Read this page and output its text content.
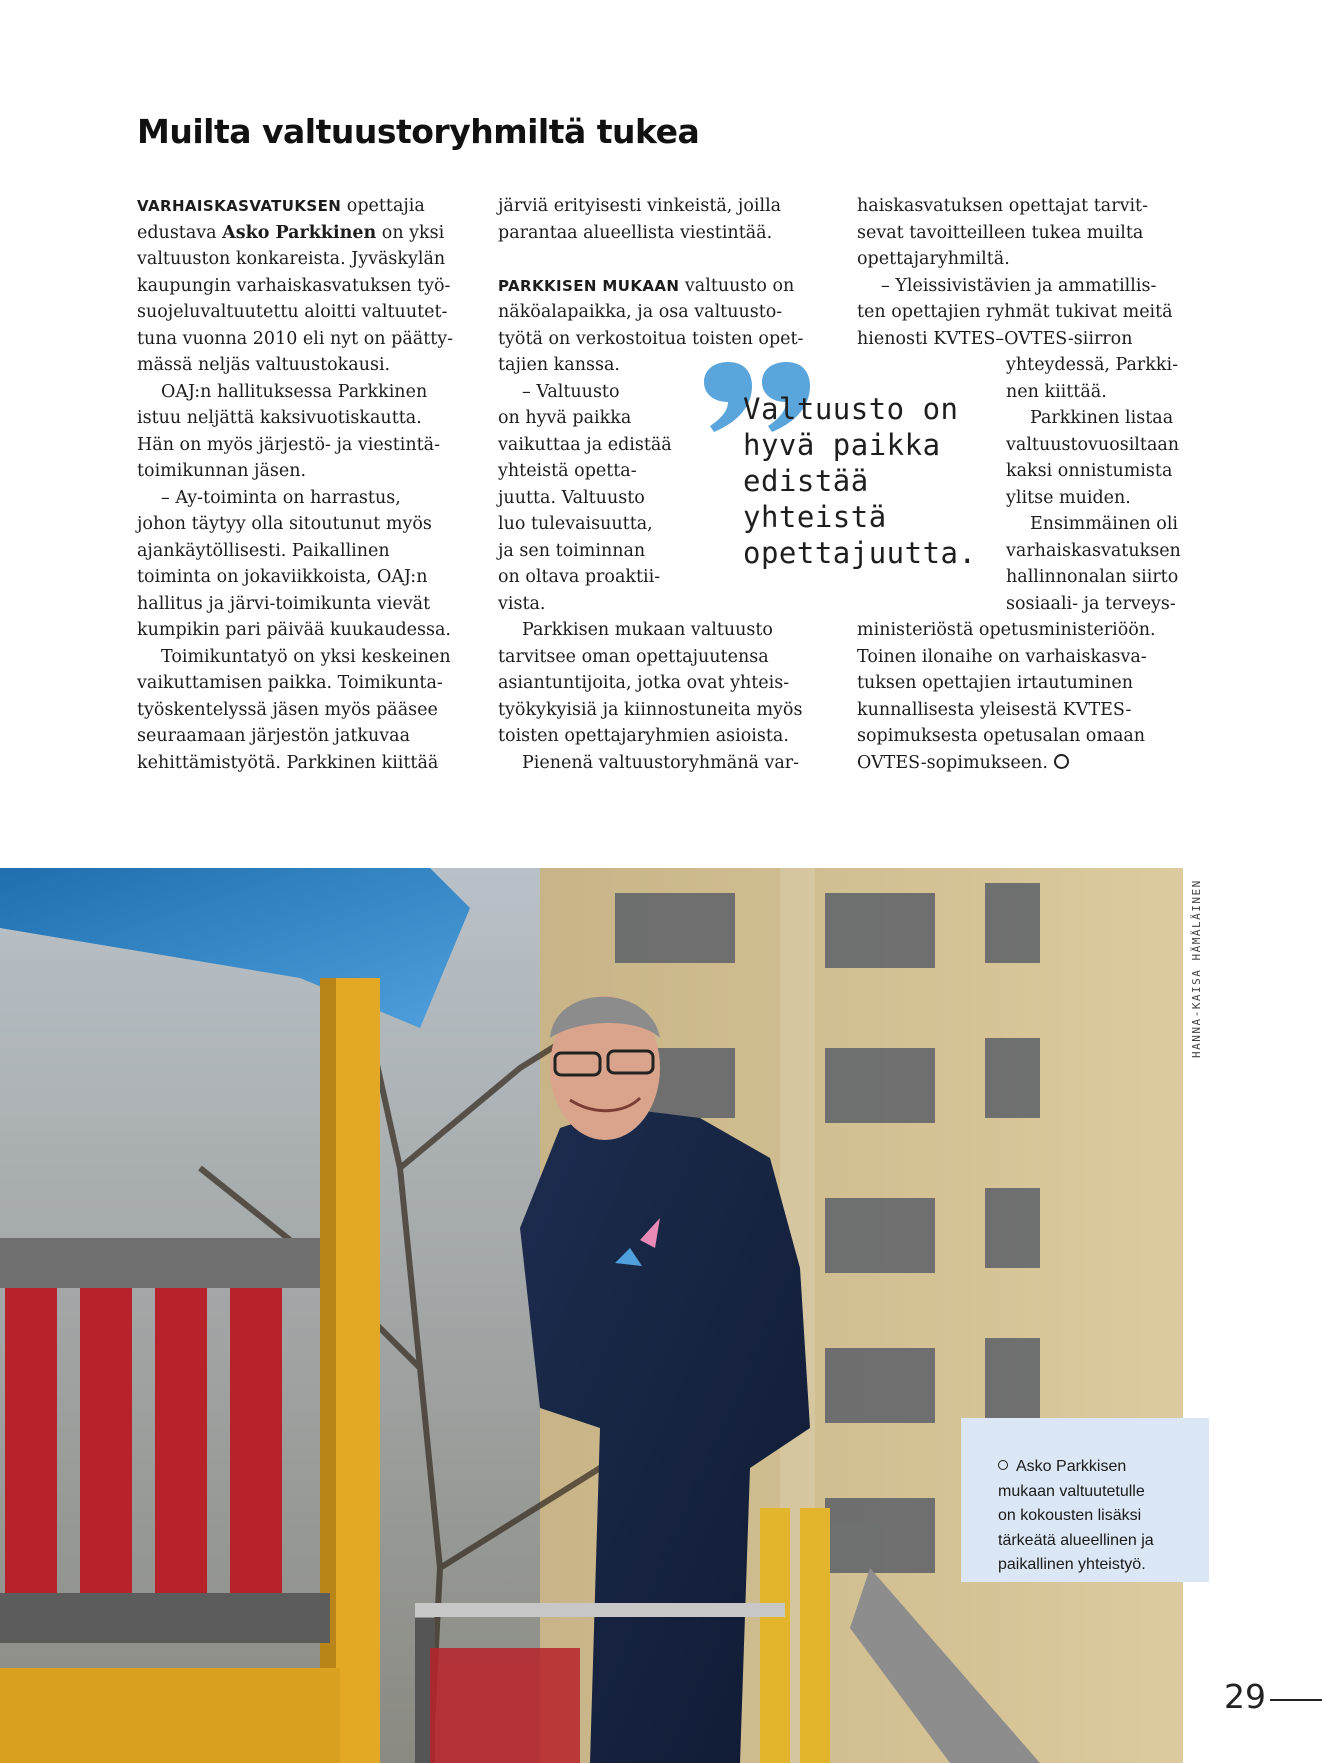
Muilta valtuustoryhmiltä tukea
VARHAISKASVATUKSEN opettajia
edustava Asko Parkkinen on yksi
valtuuston konkareista. Jyväskylän
kaupungin varhaiskasvatuksen työ-
suojeluvaltuutettu aloitti valtuutet-
tuna vuonna 2010 eli nyt on päätty-
mässä neljäs valtuustokausi.
OAJ:n hallituksessa Parkkinen
istuu neljättä kaksivuotiskautta.
Hän on myös järjestö- ja viestintä-
toimikunnan jäsen.
– Ay-toiminta on harrastus,
johon täytyy olla sitoutunut myös
ajankäytöllisesti. Paikallinen
toiminta on jokaviikkoista, OAJ:n
hallitus ja järvi-toimikunta vievät
kumpikin pari päivää kuukaudessa.
Toimikuntatyö on yksi keskeinen
vaikuttamisen paikka. Toimikunta-
työskentelyssä jäsen myös pääsee
seuraamaan järjestön jatkuvaa
kehittämistyötä. Parkkinen kiittää
järviä erityisesti vinkeistä, joilla
parantaa alueellista viestintää.
PARKKISEN MUKAAN valtuusto on
näköalapaikka, ja osa valtuusto-
työtä on verkostoitua toisten opet-
tajien kanssa.
– Valtuusto
on hyvä paikka
vaikuttaa ja edistää
yhteistä opetta-
juutta. Valtuusto
luo tulevaisuutta,
ja sen toiminnan
on oltava proaktii-
vista.
Parkkisen mukaan valtuusto
tarvitsee oman opettajuutensa
asiantuntijoita, jotka ovat yhteis-
työkykyisiä ja kiinnostuneita myös
toisten opettajaryhmien asioista.
Pienenä valtuustoryhmänä var-
haiskasvatuksen opettajat tarvit-
sevat tavoitteilleen tukea muilta
opettajaryhmiltä.
– Yleissivistävien ja ammatillis-
ten opettajien ryhmät tukivat meitä
hienosti KVTES–OVTES-siirron
yhteydessä, Parkki-
nen kiittää.
Parkkinen listaa
valtuustovuosiltaan
kaksi onnistumista
ylitse muiden.
Ensimmäinen oli
varhaiskasvatuksen
hallinnonalan siirto
sosiaali- ja terveys-
ministeriöstä opetusministeriöön.
Toinen ilonaihe on varhaiskasva-
tuksen opettajien irtautuminen
kunnallisesta yleisestä KVTES-
sopimuksesta opetusalan omaan
OVTES-sopimukseen.
Valtuusto on
hyvä paikka
edistää
yhteistä
opettajuutta.
HANNA-KAISA HÄMÄLÄINEN
Asko Parkkisen
mukaan valtuutetulle
on kokousten lisäksi
tärkeätä alueellinen ja
paikallinen yhteistyö.
29
